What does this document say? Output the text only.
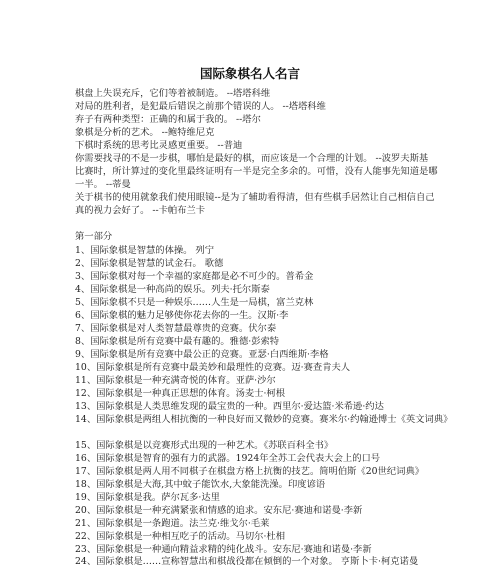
国际象棋名人名言
棋盘上失误充斥，它们等着被制造。 --塔塔科维
对局的胜利者，是犯最后错误之前那个错误的人。 --塔塔科维
弃子有两种类型：正确的和属于我的。 --塔尔
象棋是分析的艺术。 --鲍特维尼克
下棋时系统的思考比灵感更重要。 --普迪
你需要找寻的不是一步棋，哪怕是最好的棋，而应该是一个合理的计划。 --波罗夫斯基
比赛时，所计算过的变化里最终证明有一半是完全多余的。可惜，没有人能事先知道是哪
一半。 --蒂曼
关于棋书的使用就象我们使用眼镜--是为了辅助看得清，但有些棋手居然让自己相信自己
真的视力会好了。 --卡帕布兰卡
第一部分
1、国际象棋是智慧的体操。 列宁
2、国际象棋是智慧的试金石。 歌德
3、国际象棋对每一个幸福的家庭都是必不可少的。普希金
4、国际象棋是一种高尚的娱乐。列夫·托尔斯泰
5、国际象棋不只是一种娱乐……人生是一局棋，富兰克林
6、国际象棋的魅力足够使你花去你的一生。汉斯·李
7、国际象棋是对人类智慧最尊贵的竞赛。伏尔泰
8、国际象棋是所有竞赛中最有趣的。雅德·彭索特
9、国际象棋是所有竞赛中最公正的竞赛。亚瑟·白西维斯·李格
10、国际象棋是所有竞赛中最美妙和最理性的竞赛。迈·赛查肯夫人
11、国际象棋是一种充满奇悦的体育。亚萨·沙尔
12、国际象棋是一种真正思想的体育。汤麦士·柯根
13、国际象棋是人类思维发现的最宝贵的一种。西里尔·爱达篮·米希逊·约达
14、国际象棋是两组人相抗衡的一种良好而又微妙的竞赛。赛米尔·约翰逊博士《英文词典》
15、国际象棋是以竞赛形式出现的一种艺术。《苏联百科全书》
16、国际象棋是智育的强有力的武器。1924年全苏工会代表大会上的口号
17、国际象棋是两人用不同棋子在棋盘方格上抗衡的技艺。简明伯斯《20世纪词典》
18、国际象棋是大海,其中蚊子能饮水,大象能洗澡。印度谚语
19、国际象棋是我。萨尔瓦多·达里
20、国际象棋是一种充满紧张和情感的追求。安东尼·赛迪和诺曼·李新
21、国际象棋是一条跑道。法兰克·维戈尔·毛莱
22、国际象棋是一种相互吃子的活动。马切尔·杜相
23、国际象棋是一种通向精益求精的纯化战斗。安东尼·赛迪和诺曼·李新
24、国际象棋是……宣称智慧出和棋战役都在倾倒的一个对象。 亨斯卜卡·柯克诺曼
